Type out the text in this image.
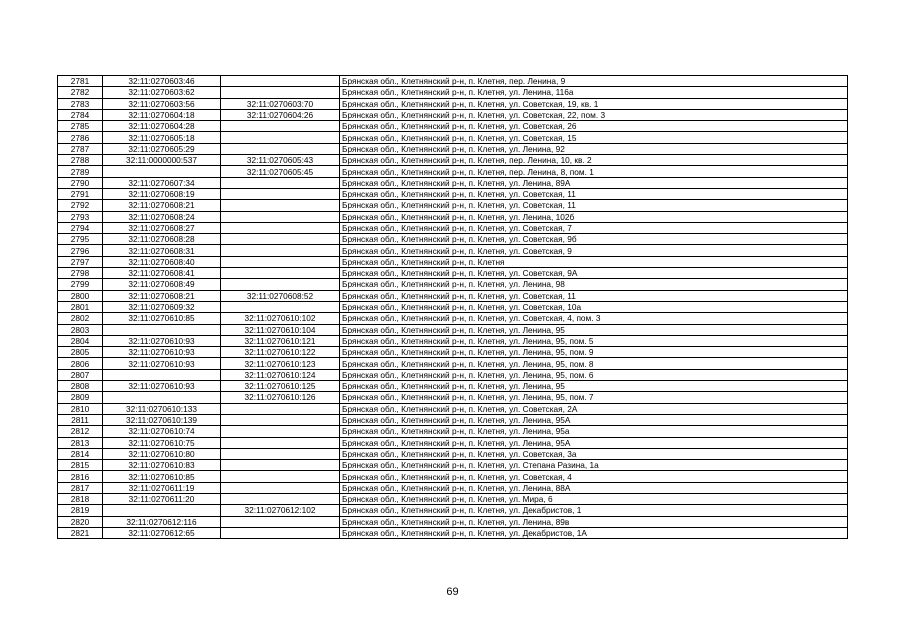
2781	32:11:0270603:46		Брянская обл., Клетнянский р-н, п. Клетня, пер. Ленина, 9
2782	32:11:0270603:62		Брянская обл., Клетнянский р-н, п. Клетня, ул. Ленина, 116а
2783	32:11:0270603:56	32:11:0270603:70	Брянская обл., Клетнянский р-н, п. Клетня, ул. Советская, 19, кв. 1
2784	32:11:0270604:18	32:11:0270604:26	Брянская обл., Клетнянский р-н, п. Клетня, ул. Советская, 22, пом. 3
2785	32:11:0270604:28		Брянская обл., Клетнянский р-н, п. Клетня, ул. Советская, 26
2786	32:11:0270605:18		Брянская обл., Клетнянский р-н, п. Клетня, ул. Советская, 15
2787	32:11:0270605:29		Брянская обл., Клетнянский р-н, п. Клетня, ул. Ленина, 92
2788	32:11:0000000:537	32:11:0270605:43	Брянская обл., Клетнянский р-н, п. Клетня, пер. Ленина, 10, кв. 2
2789		32:11:0270605:45	Брянская обл., Клетнянский р-н, п. Клетня, пер. Ленина, 8, пом. 1
2790	32:11:0270607:34		Брянская обл., Клетнянский р-н, п. Клетня, ул. Ленина, 89А
2791	32:11:0270608:19		Брянская обл., Клетнянский р-н, п. Клетня, ул. Советская, 11
2792	32:11:0270608:21		Брянская обл., Клетнянский р-н, п. Клетня, ул. Советская, 11
2793	32:11:0270608:24		Брянская обл., Клетнянский р-н, п. Клетня, ул. Ленина, 102б
2794	32:11:0270608:27		Брянская обл., Клетнянский р-н, п. Клетня, ул. Советская, 7
2795	32:11:0270608:28		Брянская обл., Клетнянский р-н, п. Клетня, ул. Советская, 9б
2796	32:11:0270608:31		Брянская обл., Клетнянский р-н, п. Клетня, ул. Советская, 9
2797	32:11:0270608:40		Брянская обл., Клетнянский р-н, п. Клетня
2798	32:11:0270608:41		Брянская обл., Клетнянский р-н, п. Клетня, ул. Советская, 9А
2799	32:11:0270608:49		Брянская обл., Клетнянский р-н, п. Клетня, ул. Ленина, 98
2800	32:11:0270608:21	32:11:0270608:52	Брянская обл., Клетнянский р-н, п. Клетня, ул. Советская, 11
2801	32:11:0270609:32		Брянская обл., Клетнянский р-н, п. Клетня, ул. Советская, 10а
2802	32:11:0270610:85	32:11:0270610:102	Брянская обл., Клетнянский р-н, п. Клетня, ул. Советская, 4, пом. 3
2803		32:11:0270610:104	Брянская обл., Клетнянский р-н, п. Клетня, ул. Ленина, 95
2804	32:11:0270610:93	32:11:0270610:121	Брянская обл., Клетнянский р-н, п. Клетня, ул. Ленина, 95, пом. 5
2805	32:11:0270610:93	32:11:0270610:122	Брянская обл., Клетнянский р-н, п. Клетня, ул. Ленина, 95, пом. 9
2806	32:11:0270610:93	32:11:0270610:123	Брянская обл., Клетнянский р-н, п. Клетня, ул. Ленина, 95, пом. 8
2807		32:11:0270610:124	Брянская обл., Клетнянский р-н, п. Клетня, ул. Ленина, 95, пом. 6
2808	32:11:0270610:93	32:11:0270610:125	Брянская обл., Клетнянский р-н, п. Клетня, ул. Ленина, 95
2809		32:11:0270610:126	Брянская обл., Клетнянский р-н, п. Клетня, ул. Ленина, 95, пом. 7
2810	32:11:0270610:133		Брянская обл., Клетнянский р-н, п. Клетня, ул. Советская, 2А
2811	32:11:0270610:139		Брянская обл., Клетнянский р-н, п. Клетня, ул. Ленина, 95А
2812	32:11:0270610:74		Брянская обл., Клетнянский р-н, п. Клетня, ул. Ленина, 95а
2813	32:11:0270610:75		Брянская обл., Клетнянский р-н, п. Клетня, ул. Ленина, 95А
2814	32:11:0270610:80		Брянская обл., Клетнянский р-н, п. Клетня, ул. Советская, 3а
2815	32:11:0270610:83		Брянская обл., Клетнянский р-н, п. Клетня, ул. Степана Разина, 1а
2816	32:11:0270610:85		Брянская обл., Клетнянский р-н, п. Клетня, ул. Советская, 4
2817	32:11:0270611:19		Брянская обл., Клетнянский р-н, п. Клетня, ул. Ленина, 88А
2818	32:11:0270611:20		Брянская обл., Клетнянский р-н, п. Клетня, ул. Мира, 6
2819		32:11:0270612:102	Брянская обл., Клетнянский р-н, п. Клетня, ул. Декабристов, 1
2820	32:11:0270612:116		Брянская обл., Клетнянский р-н, п. Клетня, ул. Ленина, 89в
2821	32:11:0270612:65		Брянская обл., Клетнянский р-н, п. Клетня, ул. Декабристов, 1А
69
